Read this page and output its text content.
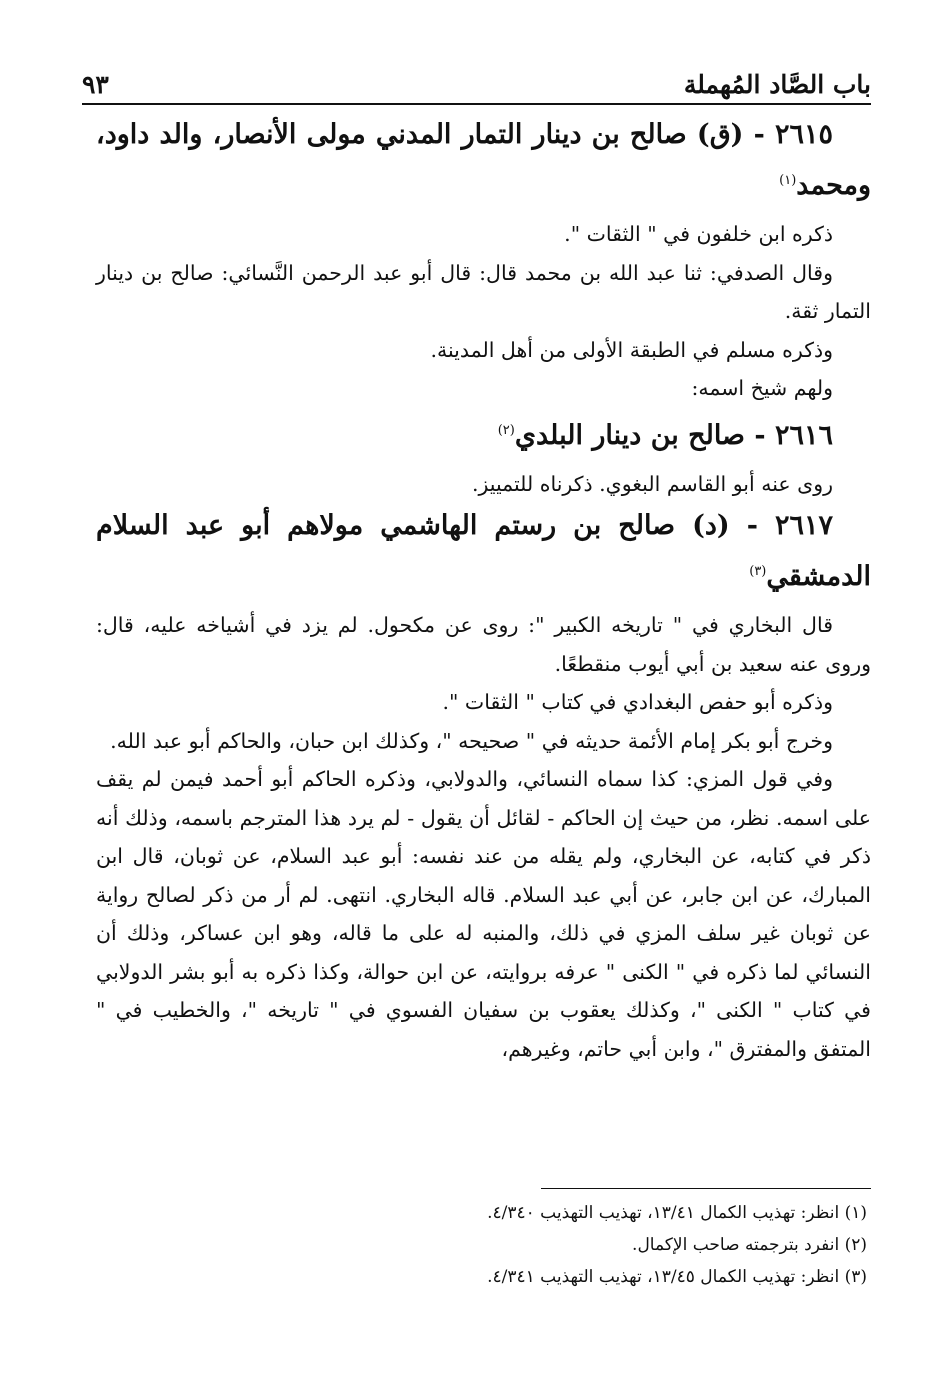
باب الصَّاد المُهملة
٩٣

٢٦١٥ - (ق) صالح بن دينار التمار المدني مولى الأنصار، والد داود، ومحمد$^{(١)}$

ذكره ابن خلفون في " الثقات ".

وقال الصدفي: ثنا عبد الله بن محمد قال: قال أبو عبد الرحمن النَّسائي: صالح بن دينار التمار ثقة.

وذكره مسلم في الطبقة الأولى من أهل المدينة.

ولهم شيخ اسمه:

٢٦١٦ - صالح بن دينار البلدي$^{(٢)}$

روى عنه أبو القاسم البغوي. ذكرناه للتمييز.

٢٦١٧ - (د) صالح بن رستم الهاشمي مولاهم أبو عبد السلام الدمشقي$^{(٣)}$

قال البخاري في " تاريخه الكبير ": روى عن مكحول. لم يزد في أشياخه عليه، قال: وروى عنه سعيد بن أبي أيوب منقطعًا.

وذكره أبو حفص البغدادي في كتاب " الثقات ".

وخرج أبو بكر إمام الأئمة حديثه في " صحيحه "، وكذلك ابن حبان، والحاكم أبو عبد الله.

وفي قول المزي: كذا سماه النسائي، والدولابي، وذكره الحاكم أبو أحمد فيمن لم يقف على اسمه. نظر، من حيث إن الحاكم - لقائل أن يقول - لم يرد هذا المترجم باسمه، وذلك أنه ذكر في كتابه، عن البخاري، ولم يقله من عند نفسه: أبو عبد السلام، عن ثوبان، قال ابن المبارك، عن ابن جابر، عن أبي عبد السلام. قاله البخاري. انتهى. لم أر من ذكر لصالح رواية عن ثوبان غير سلف المزي في ذلك، والمنبه له على ما قاله، وهو ابن عساكر، وذلك أن النسائي لما ذكره في " الكنى " عرفه بروايته، عن ابن حوالة، وكذا ذكره به أبو بشر الدولابي في كتاب " الكنى "، وكذلك يعقوب بن سفيان الفسوي في " تاريخه "، والخطيب في " المتفق والمفترق "، وابن أبي حاتم، وغيرهم،

(١) انظر: تهذيب الكمال ١٣/٤١، تهذيب التهذيب ٤/٣٤٠.

(٢) انفرد بترجمته صاحب الإكمال.

(٣) انظر: تهذيب الكمال ١٣/٤٥، تهذيب التهذيب ٤/٣٤١.
